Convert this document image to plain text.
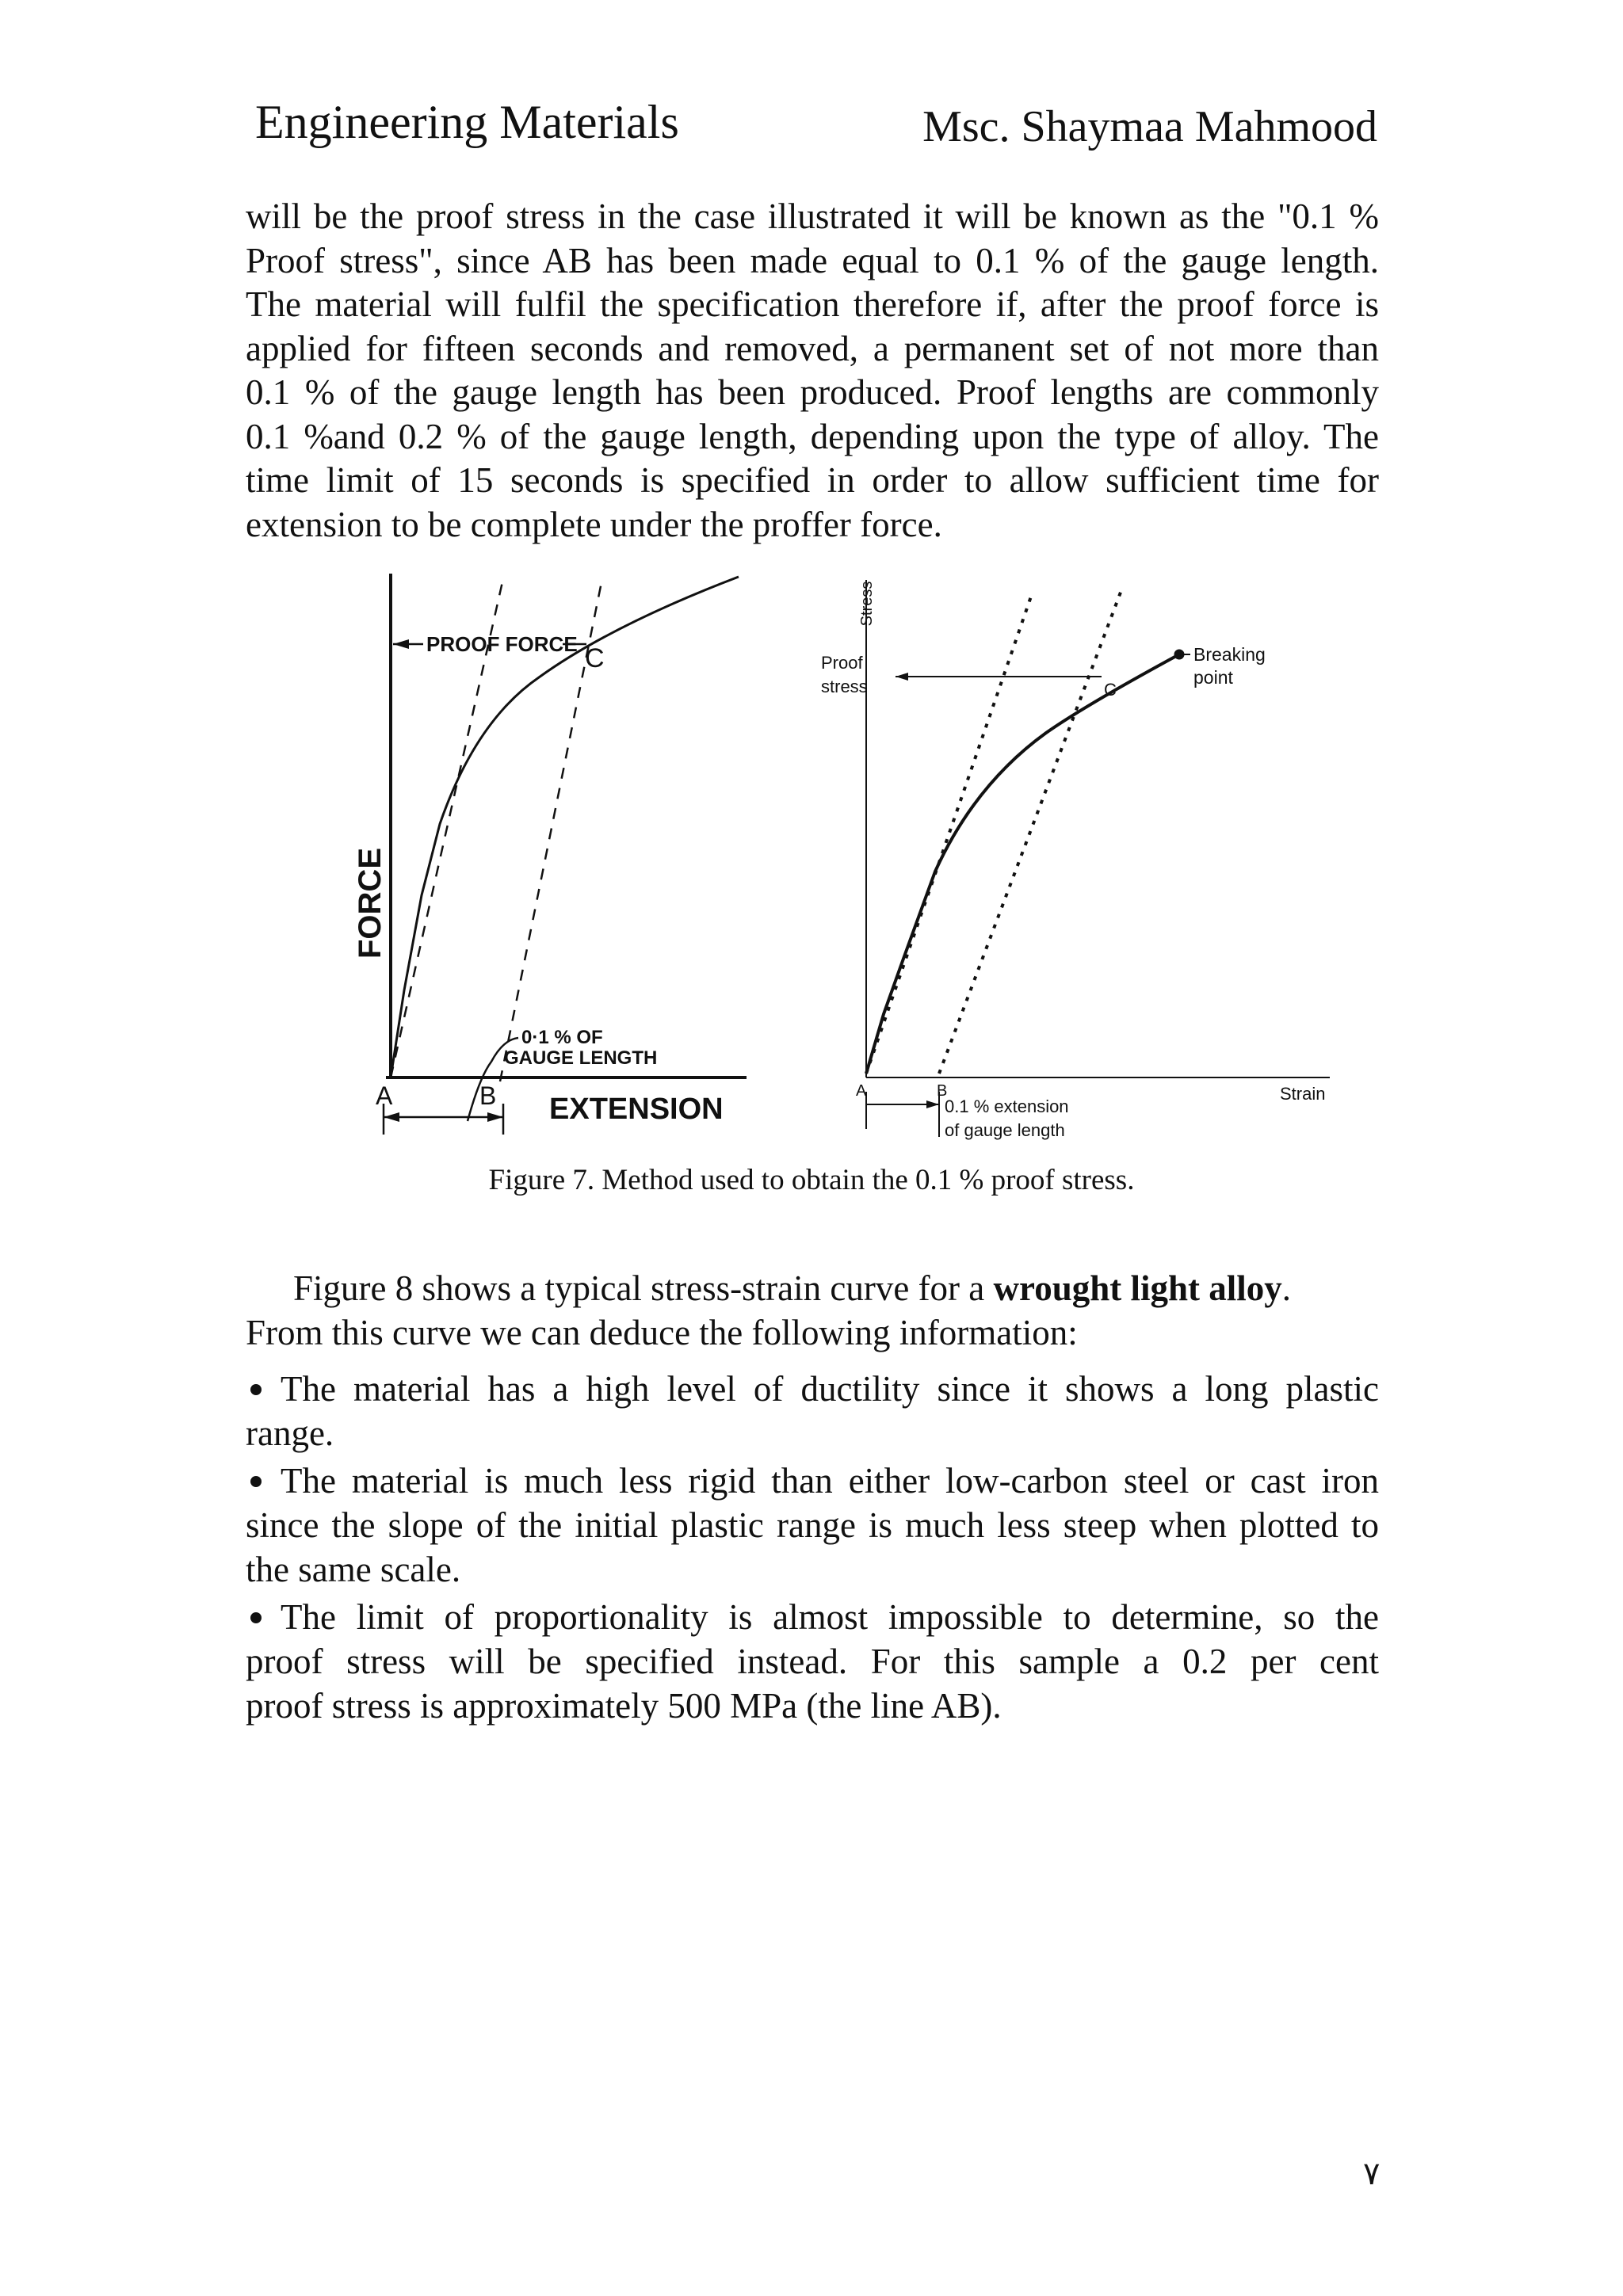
Engineering Materials	Msc. Shaymaa Mahmood
will be the proof stress in the case illustrated it will be known as the "0.1 %
Proof stress", since AB has been made equal to 0.1 % of the gauge length.
The material will fulfil the specification therefore if, after the proof force is
applied for fifteen seconds and removed, a permanent set of not more than
0.1 % of the gauge length has been produced. Proof lengths are commonly
0.1 %and 0.2 % of the gauge length, depending upon the type of alloy. The
time limit of 15 seconds is specified in order to allow sufficient time for
extension to be complete under the proffer force.
PROOF FORCE C
FORCE
0·1 % OF
GAUGE LENGTH
A	B EXTENSION
Stress
Proof
stress	C
Breaking
point
A	B	Strain
0.1 % extension
of gauge length
Figure 7. Method used to obtain the 0.1 % proof stress.
Figure 8 shows a typical stress-strain curve for a wrought light alloy.
From this curve we can deduce the following information:
The material has a high level of ductility since it shows a long plastic
range.
The material is much less rigid than either low-carbon steel or cast iron
since the slope of the initial plastic range is much less steep when plotted to
the same scale.
The limit of proportionality is almost impossible to determine, so the
proof stress will be specified instead. For this sample a 0.2 per cent
proof stress is approximately 500 MPa (the line AB).
٧
